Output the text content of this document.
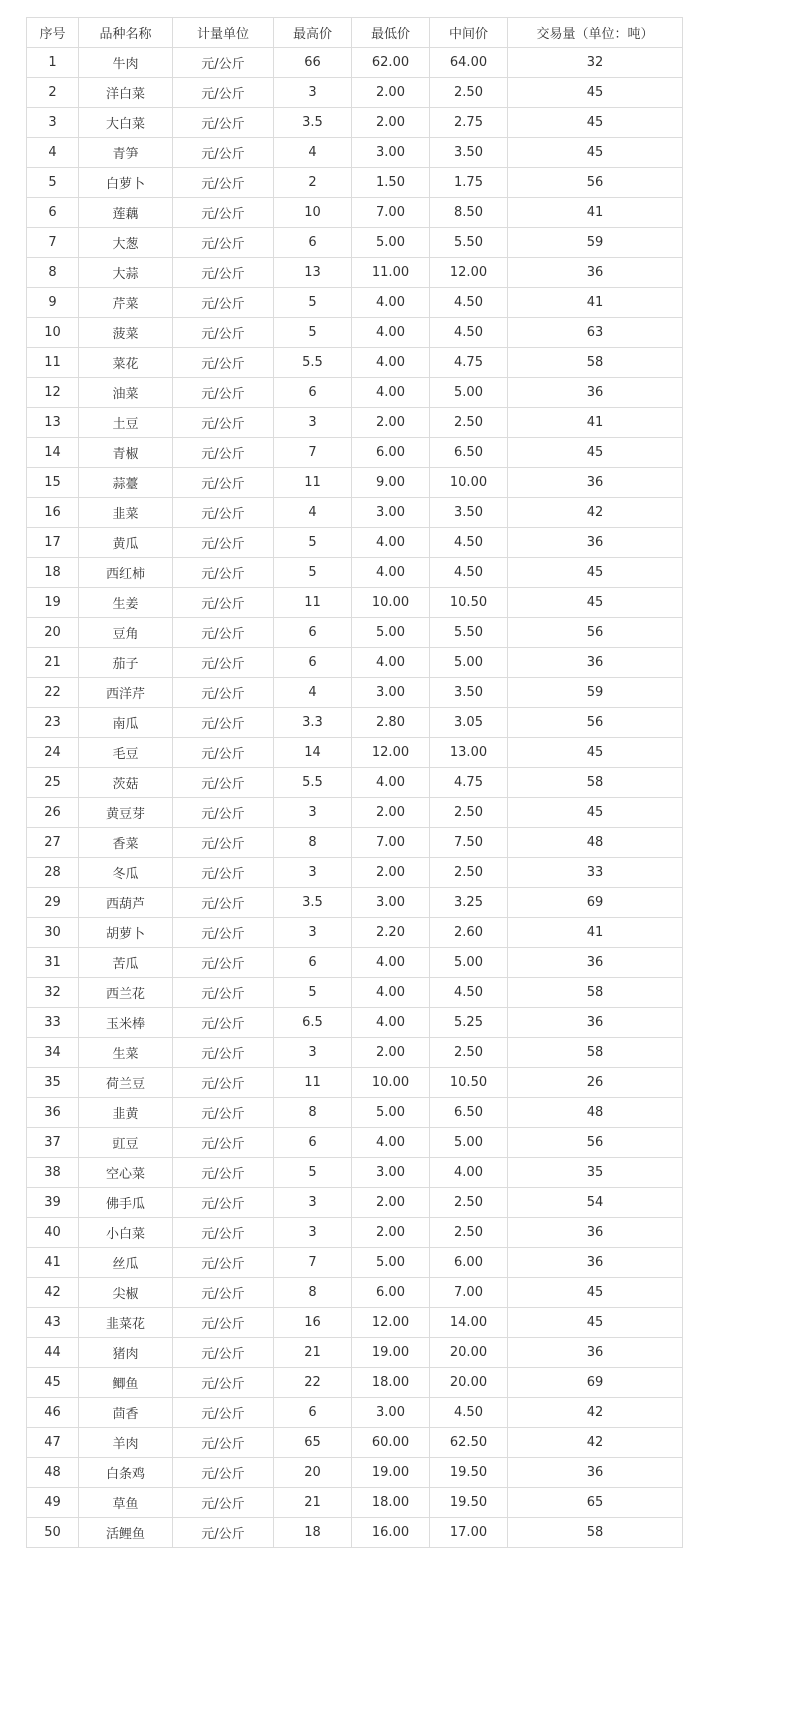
序号	品种名称	计量单位	最高价	最低价	中间价	交易量（单位：吨）
1	牛肉	元/公斤	66	62.00	64.00	32
2	洋白菜	元/公斤	3	2.00	2.50	45
3	大白菜	元/公斤	3.5	2.00	2.75	45
4	青笋	元/公斤	4	3.00	3.50	45
5	白萝卜	元/公斤	2	1.50	1.75	56
6	莲藕	元/公斤	10	7.00	8.50	41
7	大葱	元/公斤	6	5.00	5.50	59
8	大蒜	元/公斤	13	11.00	12.00	36
9	芹菜	元/公斤	5	4.00	4.50	41
10	菠菜	元/公斤	5	4.00	4.50	63
11	菜花	元/公斤	5.5	4.00	4.75	58
12	油菜	元/公斤	6	4.00	5.00	36
13	土豆	元/公斤	3	2.00	2.50	41
14	青椒	元/公斤	7	6.00	6.50	45
15	蒜薹	元/公斤	11	9.00	10.00	36
16	韭菜	元/公斤	4	3.00	3.50	42
17	黄瓜	元/公斤	5	4.00	4.50	36
18	西红柿	元/公斤	5	4.00	4.50	45
19	生姜	元/公斤	11	10.00	10.50	45
20	豆角	元/公斤	6	5.00	5.50	56
21	茄子	元/公斤	6	4.00	5.00	36
22	西洋芹	元/公斤	4	3.00	3.50	59
23	南瓜	元/公斤	3.3	2.80	3.05	56
24	毛豆	元/公斤	14	12.00	13.00	45
25	茨菇	元/公斤	5.5	4.00	4.75	58
26	黄豆芽	元/公斤	3	2.00	2.50	45
27	香菜	元/公斤	8	7.00	7.50	48
28	冬瓜	元/公斤	3	2.00	2.50	33
29	西葫芦	元/公斤	3.5	3.00	3.25	69
30	胡萝卜	元/公斤	3	2.20	2.60	41
31	苦瓜	元/公斤	6	4.00	5.00	36
32	西兰花	元/公斤	5	4.00	4.50	58
33	玉米棒	元/公斤	6.5	4.00	5.25	36
34	生菜	元/公斤	3	2.00	2.50	58
35	荷兰豆	元/公斤	11	10.00	10.50	26
36	韭黄	元/公斤	8	5.00	6.50	48
37	豇豆	元/公斤	6	4.00	5.00	56
38	空心菜	元/公斤	5	3.00	4.00	35
39	佛手瓜	元/公斤	3	2.00	2.50	54
40	小白菜	元/公斤	3	2.00	2.50	36
41	丝瓜	元/公斤	7	5.00	6.00	36
42	尖椒	元/公斤	8	6.00	7.00	45
43	韭菜花	元/公斤	16	12.00	14.00	45
44	猪肉	元/公斤	21	19.00	20.00	36
45	鲫鱼	元/公斤	22	18.00	20.00	69
46	茴香	元/公斤	6	3.00	4.50	42
47	羊肉	元/公斤	65	60.00	62.50	42
48	白条鸡	元/公斤	20	19.00	19.50	36
49	草鱼	元/公斤	21	18.00	19.50	65
50	活鲤鱼	元/公斤	18	16.00	17.00	58
